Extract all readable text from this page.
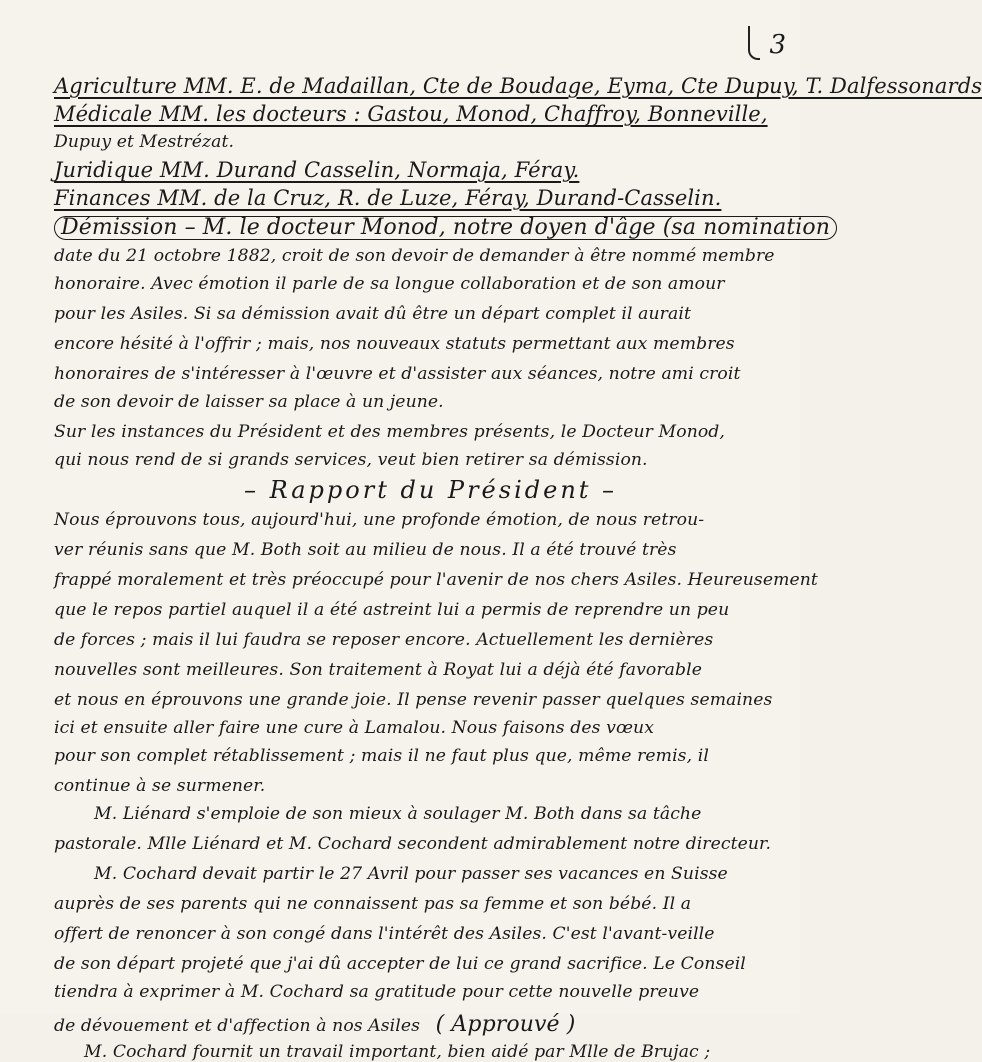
3
Agriculture MM. E. de Madaillan, Cte de Boudage, Eyma, Cte Dupuy, T. Dalfessonards
Médicale MM. les docteurs : Gastou, Monod, Chaffroy, Bonneville,
Dupuy et Mestrézat.
Juridique MM. Durand Casselin, Normaja, Féray.
Finances MM. de la Cruz, R. de Luze, Féray, Durand-Casselin.
Démission – M. le docteur Monod, notre doyen d'âge (sa nomination
date du 21 octobre 1882, croit de son devoir de demander à être nommé membre
honoraire. Avec émotion il parle de sa longue collaboration et de son amour
pour les Asiles. Si sa démission avait dû être un départ complet il aurait
encore hésité à l'offrir ; mais, nos nouveaux statuts permettant aux membres
honoraires de s'intéresser à l'œuvre et d'assister aux séances, notre ami croit
de son devoir de laisser sa place à un jeune.
Sur les instances du Président et des membres présents, le Docteur Monod,
qui nous rend de si grands services, veut bien retirer sa démission.
– Rapport du Président –
Nous éprouvons tous, aujourd'hui, une profonde émotion, de nous retrou-
ver réunis sans que M. Both soit au milieu de nous. Il a été trouvé très
frappé moralement et très préoccupé pour l'avenir de nos chers Asiles. Heureusement
que le repos partiel auquel il a été astreint lui a permis de reprendre un peu
de forces ; mais il lui faudra se reposer encore. Actuellement les dernières
nouvelles sont meilleures. Son traitement à Royat lui a déjà été favorable
et nous en éprouvons une grande joie. Il pense revenir passer quelques semaines
ici et ensuite aller faire une cure à Lamalou. Nous faisons des vœux
pour son complet rétablissement ; mais il ne faut plus que, même remis, il
continue à se surmener.
M. Liénard s'emploie de son mieux à soulager M. Both dans sa tâche
pastorale. Mlle Liénard et M. Cochard secondent admirablement notre directeur.
M. Cochard devait partir le 27 Avril pour passer ses vacances en Suisse
auprès de ses parents qui ne connaissent pas sa femme et son bébé. Il a
offert de renoncer à son congé dans l'intérêt des Asiles. C'est l'avant-veille
de son départ projeté que j'ai dû accepter de lui ce grand sacrifice. Le Conseil
tiendra à exprimer à M. Cochard sa gratitude pour cette nouvelle preuve
de dévouement et d'affection à nos Asiles ( Approuvé )
M. Cochard fournit un travail important, bien aidé par Mlle de Brujac ;
